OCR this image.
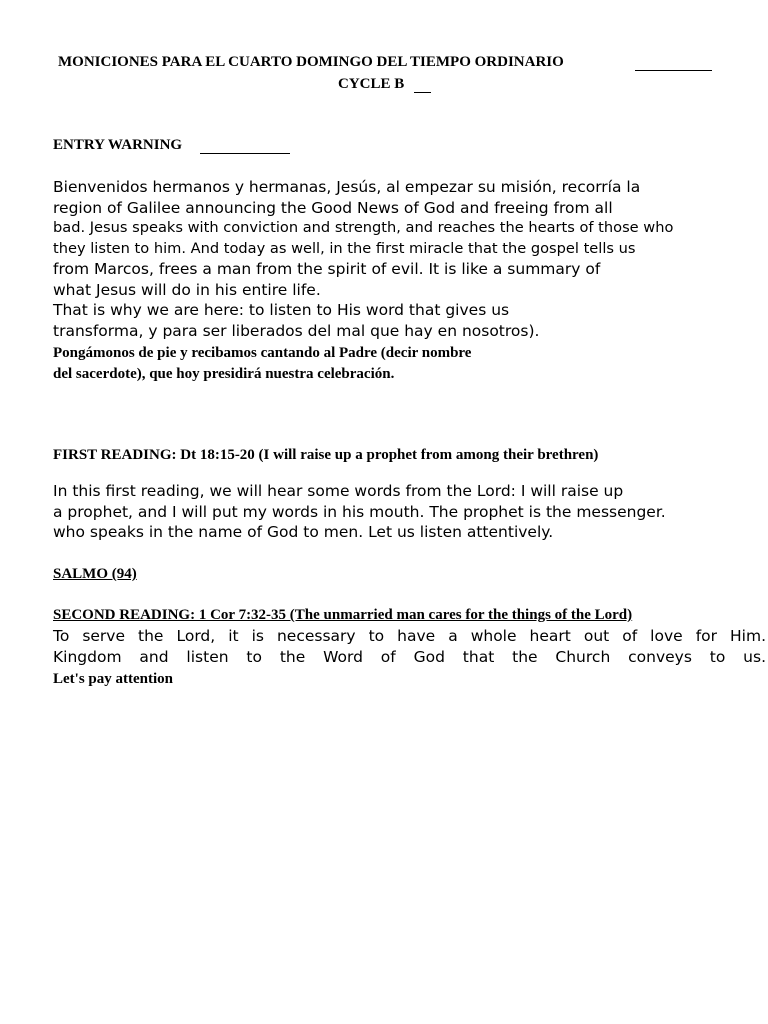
MONICIONES PARA EL CUARTO DOMINGO DEL TIEMPO ORDINARIO
CYCLE B
ENTRY WARNING
Bienvenidos hermanos y hermanas, Jesús, al empezar su misión, recorría la
region of Galilee announcing the Good News of God and freeing from all
bad. Jesus speaks with conviction and strength, and reaches the hearts of those who
they listen to him. And today as well, in the first miracle that the gospel tells us
from Marcos, frees a man from the spirit of evil. It is like a summary of
what Jesus will do in his entire life.
That is why we are here: to listen to His word that gives us
transforma, y para ser liberados del mal que hay en nosotros).
Pongámonos de pie y recibamos cantando al Padre (decir nombre
del sacerdote), que hoy presidirá nuestra celebración.
FIRST READING: Dt 18:15-20 (I will raise up a prophet from among their brethren)
In this first reading, we will hear some words from the Lord: I will raise up
a prophet, and I will put my words in his mouth. The prophet is the messenger.
who speaks in the name of God to men. Let us listen attentively.
SALMO (94)
SECOND READING: 1 Cor 7:32-35 (The unmarried man cares for the things of the Lord)
To serve the Lord, it is necessary to have a whole heart out of love for Him.
Kingdom and listen to the Word of God that the Church conveys to us.
Let's pay attention
